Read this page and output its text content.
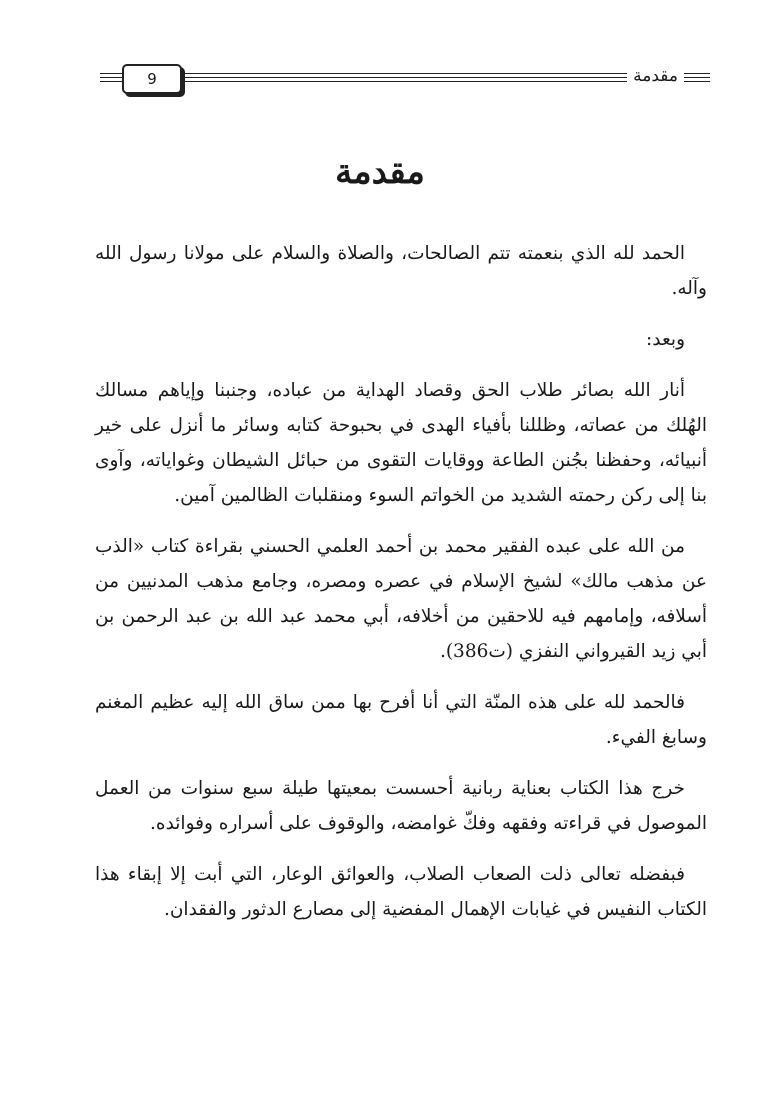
9	مقدمة
مقدمة

الحمد لله الذي بنعمته تتم الصالحات، والصلاة والسلام على مولانا رسول الله وآله.

وبعد:

أنار الله بصائر طلاب الحق وقصاد الهداية من عباده، وجنبنا وإياهم مسالك الهُلك من عصاته، وظللنا بأفياء الهدى في بحبوحة كتابه وسائر ما أنزل على خير أنبيائه، وحفظنا بجُنن الطاعة ووقايات التقوى من حبائل الشيطان وغواياته، وآوى بنا إلى ركن رحمته الشديد من الخواتم السوء ومنقلبات الظالمين آمين.

من الله على عبده الفقير محمد بن أحمد العلمي الحسني بقراءة كتاب «الذب عن مذهب مالك» لشيخ الإسلام في عصره ومصره، وجامع مذهب المدنيين من أسلافه، وإمامهم فيه للاحقين من أخلافه، أبي محمد عبد الله بن عبد الرحمن بن أبي زيد القيرواني النفزي (ت386).

فالحمد لله على هذه المنّة التي أنا أفرح بها ممن ساق الله إليه عظيم المغنم وسابغ الفيء.

خرج هذا الكتاب بعناية ربانية أحسست بمعيتها طيلة سبع سنوات من العمل الموصول في قراءته وفقهه وفكّ غوامضه، والوقوف على أسراره وفوائده.

فبفضله تعالى ذلت الصعاب الصلاب، والعوائق الوعار، التي أبت إلا إبقاء هذا الكتاب النفيس في غيابات الإهمال المفضية إلى مصارع الدثور والفقدان.
